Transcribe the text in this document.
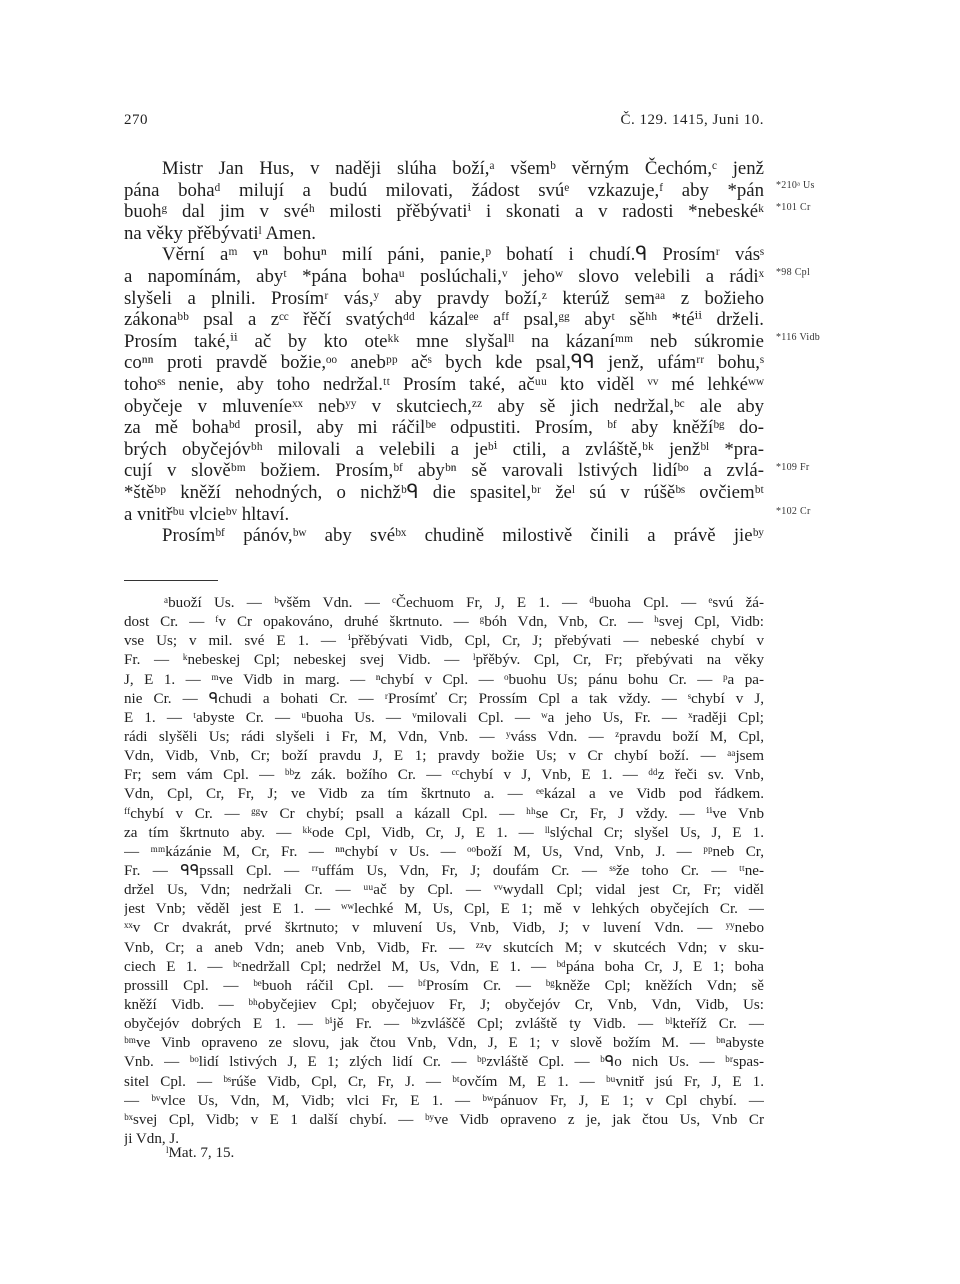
270	Č. 129. 1415, Juni 10.
Mistr Jan Hus, v naději slúha boží,ᵃ všemᵇ věrným Čechóm,ᶜ jenž
pána bohaᵈ milují a budú milovati, žádost svúᵉ vzkazuje,ᶠ aby *pán
buohᵍ dal jim v svéʰ milosti přěbývatiⁱ i skonati a v radosti *nebeskéᵏ
na věky přěbývatiˡ Amen.
Věrní aᵐ vⁿ bohuⁿ milí páni, panie,ᵖ bohatí i chudí.ᑫ Prosímʳ vásˢ
a napomínám, abyᵗ *pána bohaᵘ poslúchali,ᵛ jehoʷ slovo velebili a rádiˣ
slyšeli a plnili. Prosímʳ vás,ʸ aby pravdy boží,ᶻ kterúž semᵃᵃ z božieho
zákonaᵇᵇ psal a zᶜᶜ řěčí svatýchᵈᵈ kázalᵉᵉ aᶠᶠ psal,ᵍᵍ abyᵗ sěʰʰ *téⁱⁱ drželi.
Prosím také,ⁱⁱ ač by kto oteᵏᵏ mne slyšalˡˡ na kázaníᵐᵐ neb súkromie
coⁿⁿ proti pravdě božie,ᵒᵒ anebᵖᵖ ačˢ bych kde psal,ᑫᑫ jenž, ufámʳʳ bohu,ˢ
tohoˢˢ nenie, aby toho nedržal.ᵗᵗ Prosím také, ačᵘᵘ kto viděl ᵛᵛ mé lehkéʷʷ
obyčeje v mluveníeˣˣ nebʸʸ v skutciech,ᶻᶻ aby sě jich nedržal,ᵇᶜ ale aby
za mě bohaᵇᵈ prosil, aby mi ráčilᵇᵉ odpustiti. Prosím, ᵇᶠ aby kněžíᵇᵍ do-
brých obyčejóvᵇʰ milovali a velebili a jeᵇⁱ ctili, a zvláště,ᵇᵏ jenžᵇˡ *pra-
cují v slověᵇᵐ božiem. Prosím,ᵇᶠ abyᵇⁿ sě varovali lstivých lidíᵇᵒ a zvlá-
*štěᵇᵖ kněží nehodných, o nichžᵇᑫ die spasitel,ᵇʳ žeˡ sú v rúšěᵇˢ ovčiemᵇᵗ
a vnitřᵇᵘ vlcieᵇᵛ hltaví.
Prosímᵇᶠ pánóv,ᵇʷ aby svéᵇˣ chudině milostivě činili a právě jieᵇʸ
*210ᵃ Us
*101 Cr
*98 Cpl
*116 Vidb
*109 Fr
*102 Cr
ᵃbuoží Us. — ᵇvšěm Vdn. — ᶜČechuom Fr, J, E 1. — ᵈbuoha Cpl. — ᵉsvú žá-
dost Cr. — ᶠv Cr opakováno, druhé škrtnuto. — ᵍbóh Vdn, Vnb, Cr. — ʰsvej Cpl, Vidb:
vse Us; v mil. své E 1. — ⁱpřěbývati Vidb, Cpl, Cr, J; přebývati — nebeské chybí v
Fr. — ᵏnebeskej Cpl; nebeskej svej Vidb. — ˡpřěbýv. Cpl, Cr, Fr; přebývati na věky
J, E 1. — ᵐve Vidb in marg. — ⁿchybí v Cpl. — ᵒbuohu Us; pánu bohu Cr. — ᵖa pa-
nie Cr. — ᑫchudi a bohati Cr. — ʳProsímť Cr; Prossím Cpl a tak vždy. — ˢchybí v J,
E 1. — ᵗabyste Cr. — ᵘbuoha Us. — ᵛmilovali Cpl. — ʷa jeho Us, Fr. — ˣraději Cpl;
rádi slyšěli Us; rádi slyšeli i Fr, M, Vdn, Vnb. — ʸváss Vdn. — ᶻpravdu boží M, Cpl,
Vdn, Vidb, Vnb, Cr; boží pravdu J, E 1; pravdy božie Us; v Cr chybí boží. — ᵃᵃjsem
Fr; sem vám Cpl. — ᵇᵇz zák. božího Cr. — ᶜᶜchybí v J, Vnb, E 1. — ᵈᵈz řeči sv. Vnb,
Vdn, Cpl, Cr, Fr, J; ve Vidb za tím škrtnuto a. — ᵉᵉkázal a ve Vidb pod řádkem.
ᶠᶠchybí v Cr. — ᵍᵍv Cr chybí; psall a kázall Cpl. — ʰʰse Cr, Fr, J vždy. — ⁱⁱve Vnb
za tím škrtnuto aby. — ᵏᵏode Cpl, Vidb, Cr, J, E 1. — ˡˡslýchal Cr; slyšel Us, J, E 1.
— ᵐᵐkázánie M, Cr, Fr. — ⁿⁿchybí v Us. — ᵒᵒboží M, Us, Vnd, Vnb, J. — ᵖᵖneb Cr,
Fr. — ᑫᑫpssall Cpl. — ʳʳuffám Us, Vdn, Fr, J; doufám Cr. — ˢˢže toho Cr. — ᵗᵗne-
držel Us, Vdn; nedržali Cr. — ᵘᵘač by Cpl. — ᵛᵛwydall Cpl; vidal jest Cr, Fr; viděl
jest Vnb; věděl jest E 1. — ʷʷlechké M, Us, Cpl, E 1; mě v lehkých obyčejích Cr. —
ˣˣv Cr dvakrát, prvé škrtnuto; v mluvení Us, Vnb, Vidb, J; v luvení Vdn. — ʸʸnebo
Vnb, Cr; a aneb Vdn; aneb Vnb, Vidb, Fr. — ᶻᶻv skutcích M; v skutcéch Vdn; v sku-
ciech E 1. — ᵇᶜnedržall Cpl; nedržel M, Us, Vdn, E 1. — ᵇᵈpána boha Cr, J, E 1; boha
prossill Cpl. — ᵇᵉbuoh ráčil Cpl. — ᵇᶠProsím Cr. — ᵇᵍkněže Cpl; kněžích Vdn; sě
kněží Vidb. — ᵇʰobyčejiev Cpl; obyčejuov Fr, J; obyčejóv Cr, Vnb, Vdn, Vidb, Us:
obyčejóv dobrých E 1. — ᵇⁱjě Fr. — ᵇᵏzvláščě Cpl; zvláště ty Vidb. — ᵇˡkteříž Cr. —
ᵇᵐve Vinb opraveno ze slovu, jak čtou Vnb, Vdn, J, E 1; v slově božím M. — ᵇⁿabyste
Vnb. — ᵇᵒlidí lstivých J, E 1; zlých lidí Cr. — ᵇᵖzvláště Cpl. — ᵇᑫo nich Us. — ᵇʳspas-
sitel Cpl. — ᵇˢrúše Vidb, Cpl, Cr, Fr, J. — ᵇᵗovčím M, E 1. — ᵇᵘvnitř jsú Fr, J, E 1.
— ᵇᵛvlce Us, Vdn, M, Vidb; vlci Fr, E 1. — ᵇʷpánuov Fr, J, E 1; v Cpl chybí. —
ᵇˣsvej Cpl, Vidb; v E 1 další chybí. — ᵇʸve Vidb opraveno z je, jak čtou Us, Vnb Cr
ji Vdn, J.
ˡMat. 7, 15.
